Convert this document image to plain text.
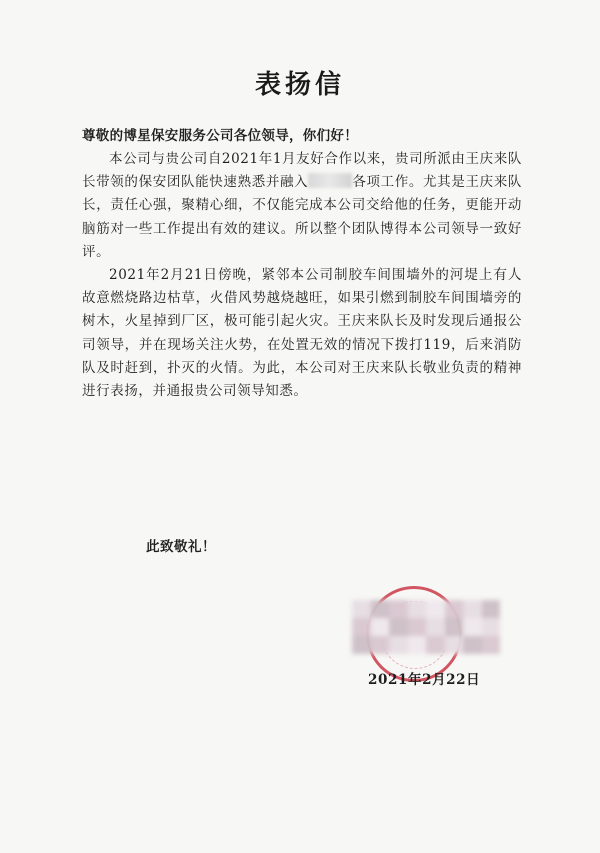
表扬信
尊敬的博星保安服务公司各位领导，你们好！

本公司与贵公司自2021年1月友好合作以来，贵司所派由王庆来队长带领的保安团队能快速熟悉并融入	各项工作。尤其是王庆来队长，责任心强，聚精心细，不仅能完成本公司交给他的任务，更能开动脑筋对一些工作提出有效的建议。所以整个团队博得本公司领导一致好评。

2021年2月21日傍晚，紧邻本公司制胶车间围墙外的河堤上有人故意燃烧路边枯草，火借风势越烧越旺，如果引燃到制胶车间围墙旁的树木，火星掉到厂区，极可能引起火灾。王庆来队长及时发现后通报公司领导，并在现场关注火势，在处置无效的情况下拨打119，后来消防队及时赶到，扑灭的火情。为此，本公司对王庆来队长敬业负责的精神进行表扬，并通报贵公司领导知悉。

此致敬礼！
2021年2月22日
